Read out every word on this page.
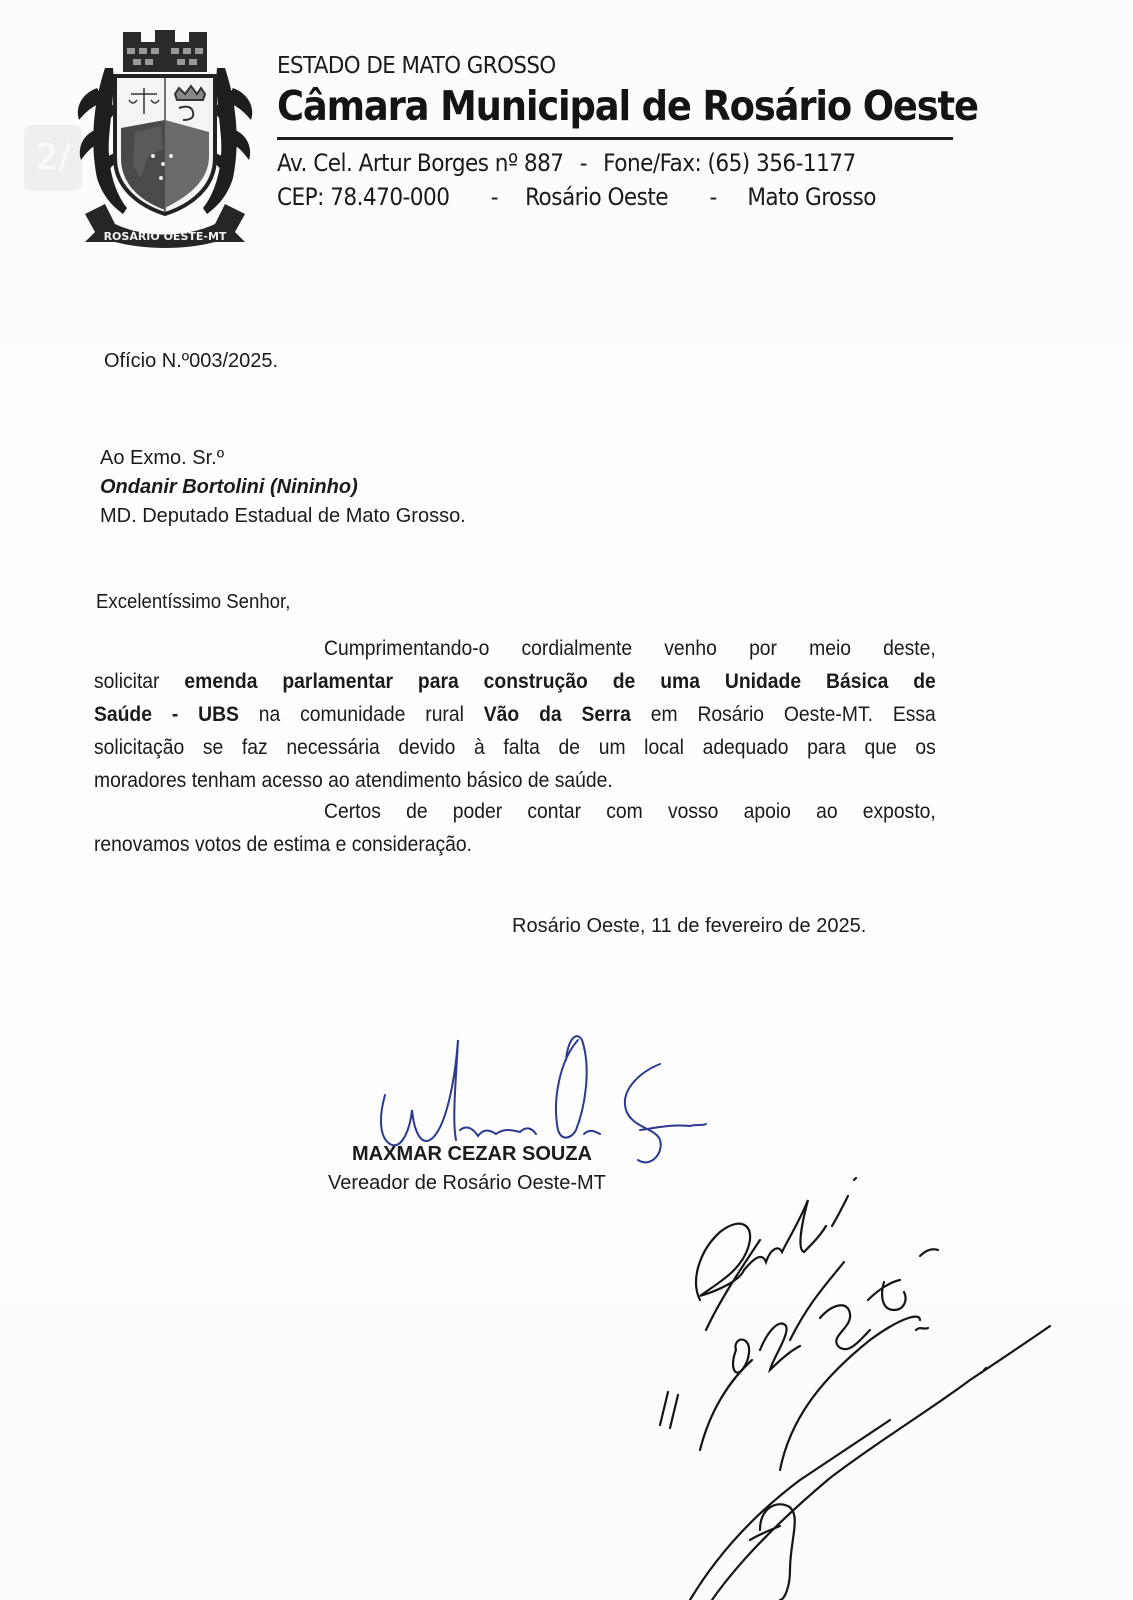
2/
ROSÁRIO OESTE-MT
ESTADO DE MATO GROSSO
Câmara Municipal de Rosário Oeste
Av. Cel. Artur Borges nº 887 - Fone/Fax: (65) 356-1177
CEP: 78.470-000 - Rosário Oeste - Mato Grosso
Ofício N.º003/2025.
Ao Exmo. Sr.º
Ondanir Bortolini (Nininho)
MD. Deputado Estadual de Mato Grosso.
Excelentíssimo Senhor,
Cumprimentando-o cordialmente venho por meio deste,
solicitar emenda parlamentar para construção de uma Unidade Básica de
Saúde - UBS na comunidade rural Vão da Serra em Rosário Oeste-MT. Essa
solicitação se faz necessária devido à falta de um local adequado para que os
moradores tenham acesso ao atendimento básico de saúde.
Certos de poder contar com vosso apoio ao exposto,
renovamos votos de estima e consideração.
Rosário Oeste, 11 de fevereiro de 2025.
MAXMAR CEZAR SOUZA
Vereador de Rosário Oeste-MT
